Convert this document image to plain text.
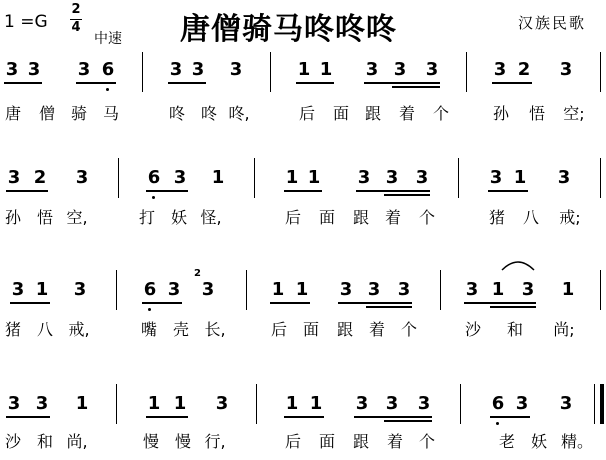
1 =G
2
4
中速 唐僧骑马咚咚咚	汉族民歌
3 3 3 6	3 3 3	1 1 3 3 3	3 2 3
唐 僧 骑 马	咚 咚 咚,	后 面 跟 着 个	孙 悟	空;
3 2 3	6 3 1	1 1 3 3 3	3 1 3
孙 悟 空,	打 妖 怪,	后 面 跟 着 个	猪 八	戒;
3 1 3	6 3
2
3	1 1 3 3 3	3 1 3 1
猪 八 戒,	嘴 壳 长,	后 面 跟 着 个	沙 和	尚;
3 3 1	1 1 3	1 1 3 3 3	6 3 3
沙 和 尚,	慢 慢 行,	后 面 跟 着 个	老 妖 精。
